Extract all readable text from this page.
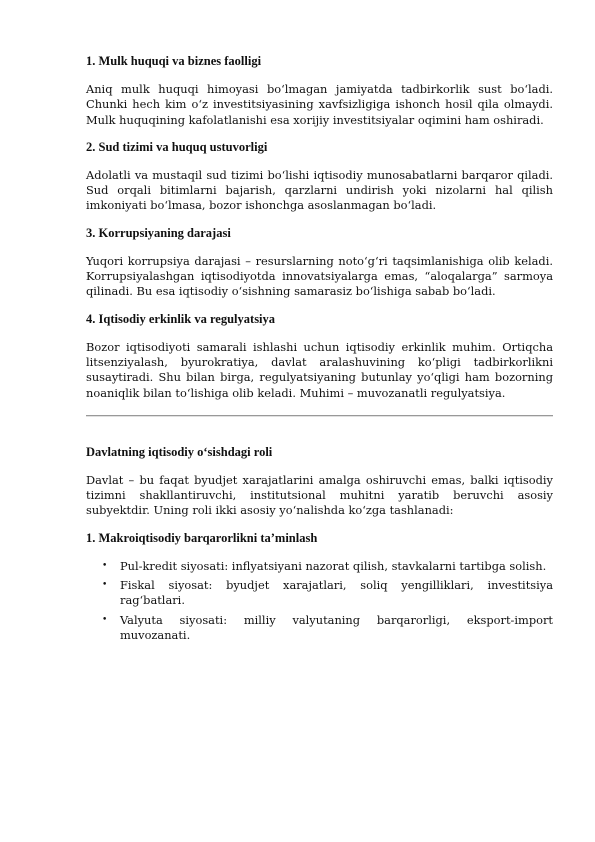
1. Mulk huquqi va biznes faolligi

Aniq mulk huquqi himoyasi bo‘lmagan jamiyatda tadbirkorlik sust bo‘ladi. Chunki hech kim o‘z investitsiyasining xavfsizligiga ishonch hosil qila olmaydi. Mulk huquqining kafolatlanishi esa xorijiy investitsiyalar oqimini ham oshiradi.

2. Sud tizimi va huquq ustuvorligi

Adolatli va mustaqil sud tizimi bo‘lishi iqtisodiy munosabatlarni barqaror qiladi. Sud orqali bitimlarni bajarish, qarzlarni undirish yoki nizolarni hal qilish imkoniyati bo‘lmasa, bozor ishonchga asoslanmagan bo‘ladi.

3. Korrupsiyaning darajasi

Yuqori korrupsiya darajasi – resurslarning noto‘g‘ri taqsimlanishiga olib keladi. Korrupsiyalashgan iqtisodiyotda innovatsiyalarga emas, “aloqalarga” sarmoya qilinadi. Bu esa iqtisodiy o‘sishning samarasiz bo‘lishiga sabab bo‘ladi.

4. Iqtisodiy erkinlik va regulyatsiya

Bozor iqtisodiyoti samarali ishlashi uchun iqtisodiy erkinlik muhim. Ortiqcha litsenziyalash, byurokratiya, davlat aralashuvining ko‘pligi tadbirkorlikni susaytiradi. Shu bilan birga, regulyatsiyaning butunlay yo‘qligi ham bozorning noaniqlik bilan to‘lishiga olib keladi. Muhimi – muvozanatli regulyatsiya.

Davlatning iqtisodiy o‘sishdagi roli

Davlat – bu faqat byudjet xarajatlarini amalga oshiruvchi emas, balki iqtisodiy tizimni shakllantiruvchi, institutsional muhitni yaratib beruvchi asosiy subyektdir. Uning roli ikki asosiy yo‘nalishda ko‘zga tashlanadi:

1. Makroiqtisodiy barqarorlikni ta’minlash
• Pul-kredit siyosati: inflyatsiyani nazorat qilish, stavkalarni tartibga solish.
• Fiskal siyosat: byudjet xarajatlari, soliq yengilliklari, investitsiya rag‘batlari.
• Valyuta siyosati: milliy valyutaning barqarorligi, eksport-import muvozanati.
